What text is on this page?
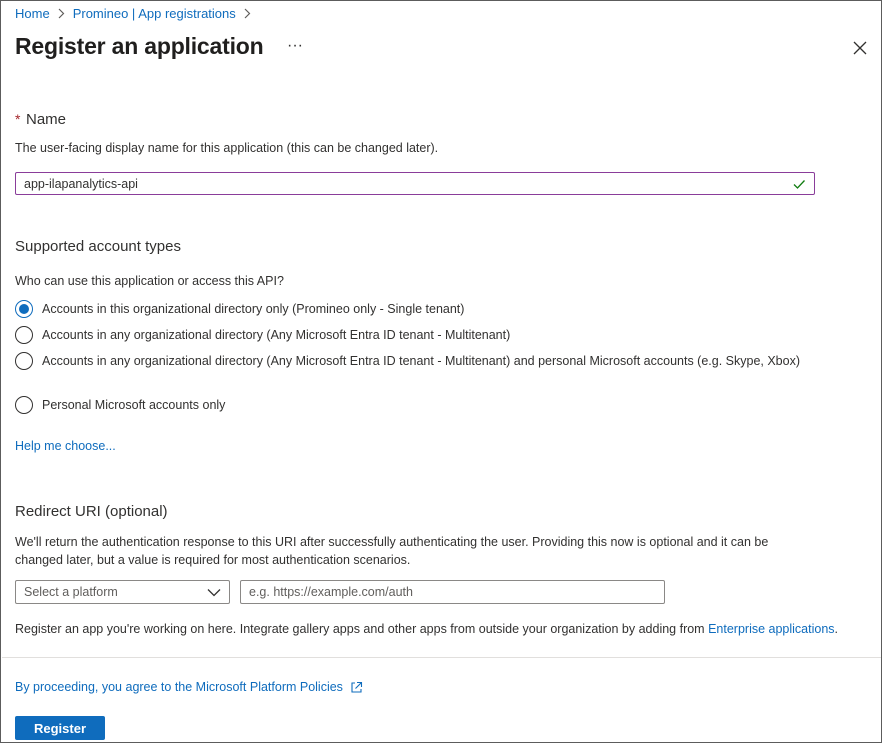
Home Promineo | App registrations
Register an application ···
* Name
The user-facing display name for this application (this can be changed later).
app-ilapanalytics-api
Supported account types
Who can use this application or access this API?
Accounts in this organizational directory only (Promineo only - Single tenant)
Accounts in any organizational directory (Any Microsoft Entra ID tenant - Multitenant)
Accounts in any organizational directory (Any Microsoft Entra ID tenant - Multitenant) and personal Microsoft accounts (e.g. Skype, Xbox)
Personal Microsoft accounts only
Help me choose...
Redirect URI (optional)
We'll return the authentication response to this URI after successfully authenticating the user. Providing this now is optional and it can be changed later, but a value is required for most authentication scenarios.
Select a platform
e.g. https://example.com/auth
Register an app you're working on here. Integrate gallery apps and other apps from outside your organization by adding from Enterprise applications.
By proceeding, you agree to the Microsoft Platform Policies
Register
